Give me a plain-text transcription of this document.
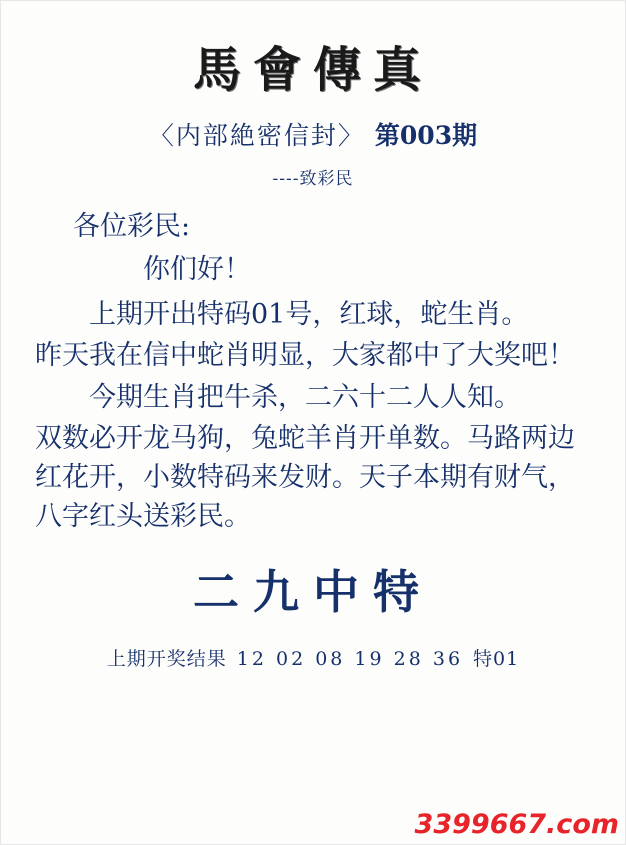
馬會傳真
〈内部絶密信封〉 第003期
----致彩民
各位彩民:
你们好！
上期开出特码01号，红球，蛇生肖。
昨天我在信中蛇肖明显，大家都中了大奖吧！
今期生肖把牛杀，二六十二人人知。
双数必开龙马狗，兔蛇羊肖开单数。马路两边红花开，小数特码来发财。天子本期有财气，八字红头送彩民。
二九中特
上期开奖结果 12 02 08 19 28 36 特01
3399667.com
